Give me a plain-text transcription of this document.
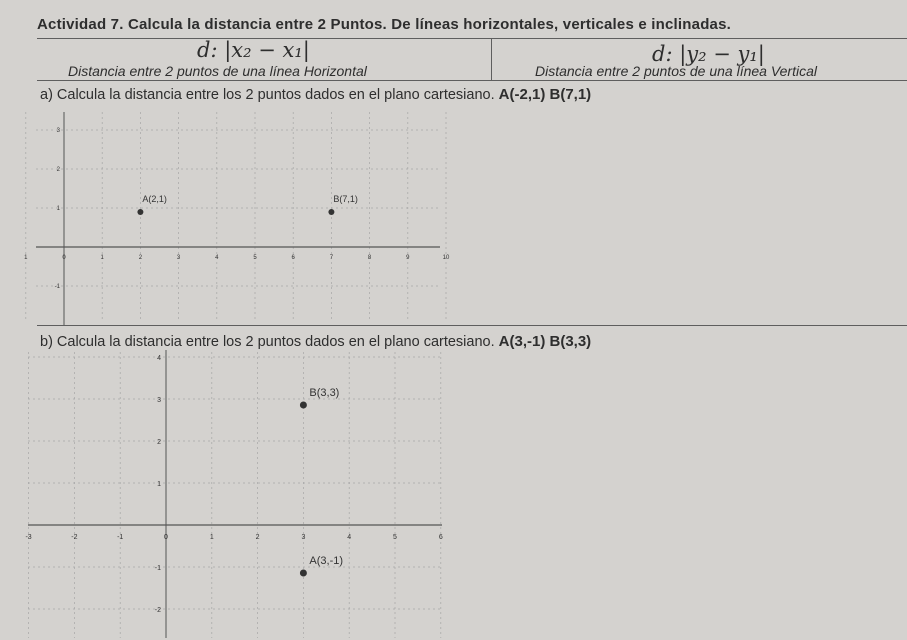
Actividad 7. Calcula la distancia entre 2 Puntos. De líneas horizontales, verticales e inclinadas.
d: |x₂ − x₁|
Distancia entre 2 puntos de una línea Horizontal
d: |y₂ − y₁|
Distancia entre 2 puntos de una línea Vertical
a) Calcula la distancia entre los 2 puntos dados en el plano cartesiano. A(-2,1) B(7,1)
1	0	1	2	3	4	5	6	7	8	9	10
3
2
1
-1
A(2,1)	B(7,1)
b) Calcula la distancia entre los 2 puntos dados en el plano cartesiano. A(3,-1) B(3,3)
-3	-2	-1	0	1	2	3	4	5	6
4
3
2
1
-1
-2
B(3,3)
A(3,-1)
